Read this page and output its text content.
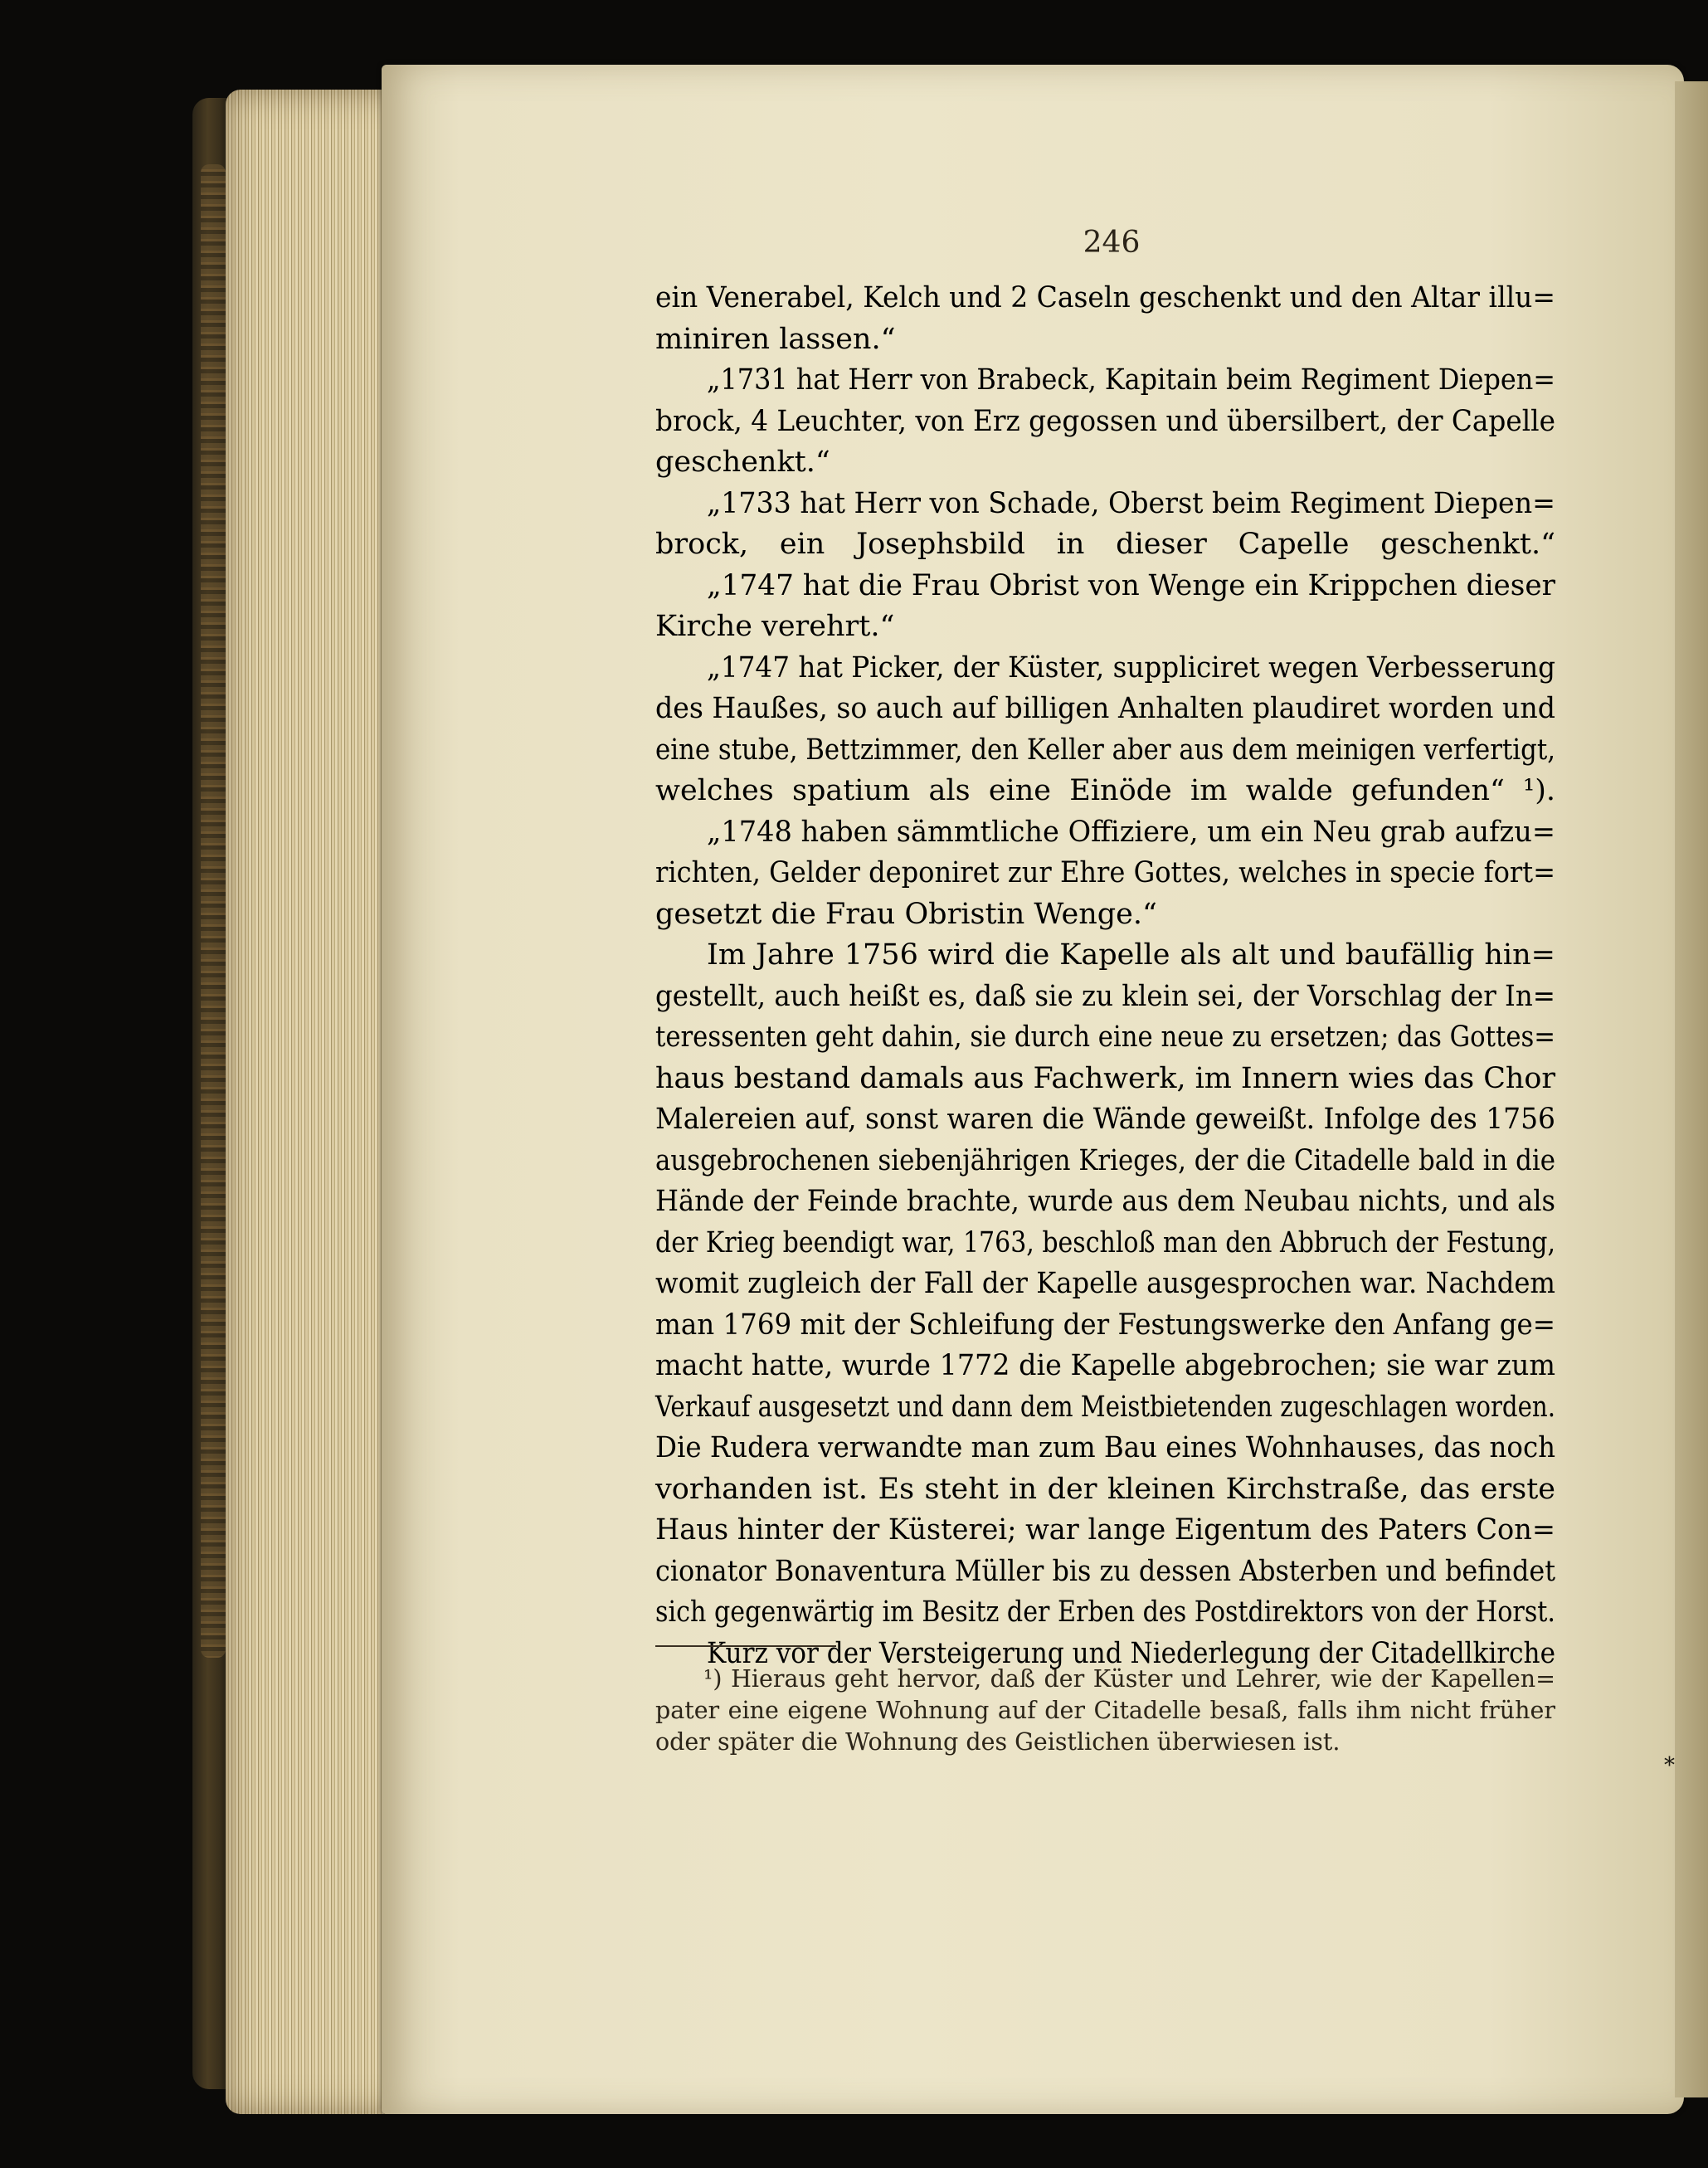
246
ein Venerabel, Kelch und 2 Caseln geschenkt und den Altar illu=
miniren lassen.“
„1731 hat Herr von Brabeck, Kapitain beim Regiment Diepen=
brock, 4 Leuchter, von Erz gegossen und übersilbert, der Capelle
geschenkt.“
„1733 hat Herr von Schade, Oberst beim Regiment Diepen=
brock, ein Josephsbild in dieser Capelle geschenkt.“
„1747 hat die Frau Obrist von Wenge ein Krippchen dieser
Kirche verehrt.“
„1747 hat Picker, der Küster, suppliciret wegen Verbesserung
des Haußes, so auch auf billigen Anhalten plaudiret worden und
eine stube, Bettzimmer, den Keller aber aus dem meinigen verfertigt,
welches spatium als eine Einöde im walde gefunden“ ¹).
„1748 haben sämmtliche Offiziere, um ein Neu grab aufzu=
richten, Gelder deponiret zur Ehre Gottes, welches in specie fort=
gesetzt die Frau Obristin Wenge.“
Im Jahre 1756 wird die Kapelle als alt und baufällig hin=
gestellt, auch heißt es, daß sie zu klein sei, der Vorschlag der In=
teressenten geht dahin, sie durch eine neue zu ersetzen; das Gottes=
haus bestand damals aus Fachwerk, im Innern wies das Chor
Malereien auf, sonst waren die Wände geweißt. Infolge des 1756
ausgebrochenen siebenjährigen Krieges, der die Citadelle bald in die
Hände der Feinde brachte, wurde aus dem Neubau nichts, und als
der Krieg beendigt war, 1763, beschloß man den Abbruch der Festung,
womit zugleich der Fall der Kapelle ausgesprochen war. Nachdem
man 1769 mit der Schleifung der Festungswerke den Anfang ge=
macht hatte, wurde 1772 die Kapelle abgebrochen; sie war zum
Verkauf ausgesetzt und dann dem Meistbietenden zugeschlagen worden.
Die Rudera verwandte man zum Bau eines Wohnhauses, das noch
vorhanden ist. Es steht in der kleinen Kirchstraße, das erste
Haus hinter der Küsterei; war lange Eigentum des Paters Con=
cionator Bonaventura Müller bis zu dessen Absterben und befindet
sich gegenwärtig im Besitz der Erben des Postdirektors von der Horst.
Kurz vor der Versteigerung und Niederlegung der Citadellkirche
¹) Hieraus geht hervor, daß der Küster und Lehrer, wie der Kapellen=
pater eine eigene Wohnung auf der Citadelle besaß, falls ihm nicht früher
oder später die Wohnung des Geistlichen überwiesen ist.
*
